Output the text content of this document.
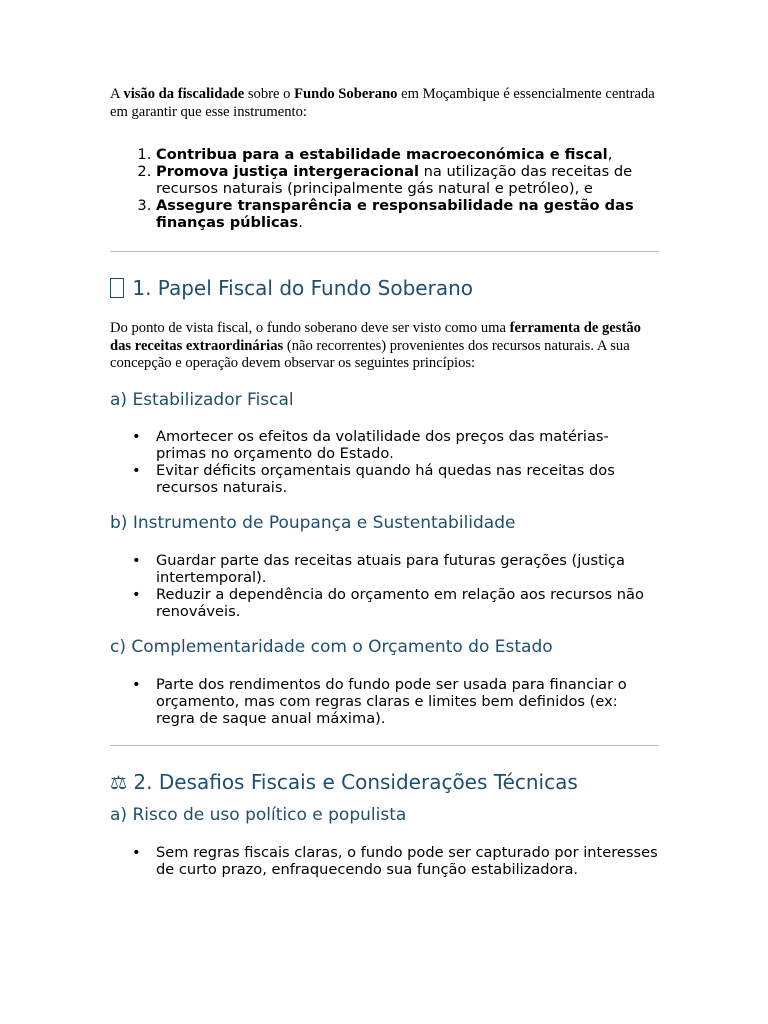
A visão da fiscalidade sobre o Fundo Soberano em Moçambique é essencialmente centrada em garantir que esse instrumento:

1. Contribua para a estabilidade macroeconómica e fiscal,
2. Promova justiça intergeracional na utilização das receitas de recursos naturais (principalmente gás natural e petróleo), e
3. Assegure transparência e responsabilidade na gestão das finanças públicas.
1. Papel Fiscal do Fundo Soberano

Do ponto de vista fiscal, o fundo soberano deve ser visto como uma ferramenta de gestão das receitas extraordinárias (não recorrentes) provenientes dos recursos naturais. A sua concepção e operação devem observar os seguintes princípios:

a) Estabilizador Fiscal
• Amortecer os efeitos da volatilidade dos preços das matérias-primas no orçamento do Estado.
• Evitar déficits orçamentais quando há quedas nas receitas dos recursos naturais.
b) Instrumento de Poupança e Sustentabilidade
• Guardar parte das receitas atuais para futuras gerações (justiça intertemporal).
• Reduzir a dependência do orçamento em relação aos recursos não renováveis.
c) Complementaridade com o Orçamento do Estado
• Parte dos rendimentos do fundo pode ser usada para financiar o orçamento, mas com regras claras e limites bem definidos (ex: regra de saque anual máxima).
⚖ 2. Desafios Fiscais e Considerações Técnicas
a) Risco de uso político e populista
• Sem regras fiscais claras, o fundo pode ser capturado por interesses de curto prazo, enfraquecendo sua função estabilizadora.
